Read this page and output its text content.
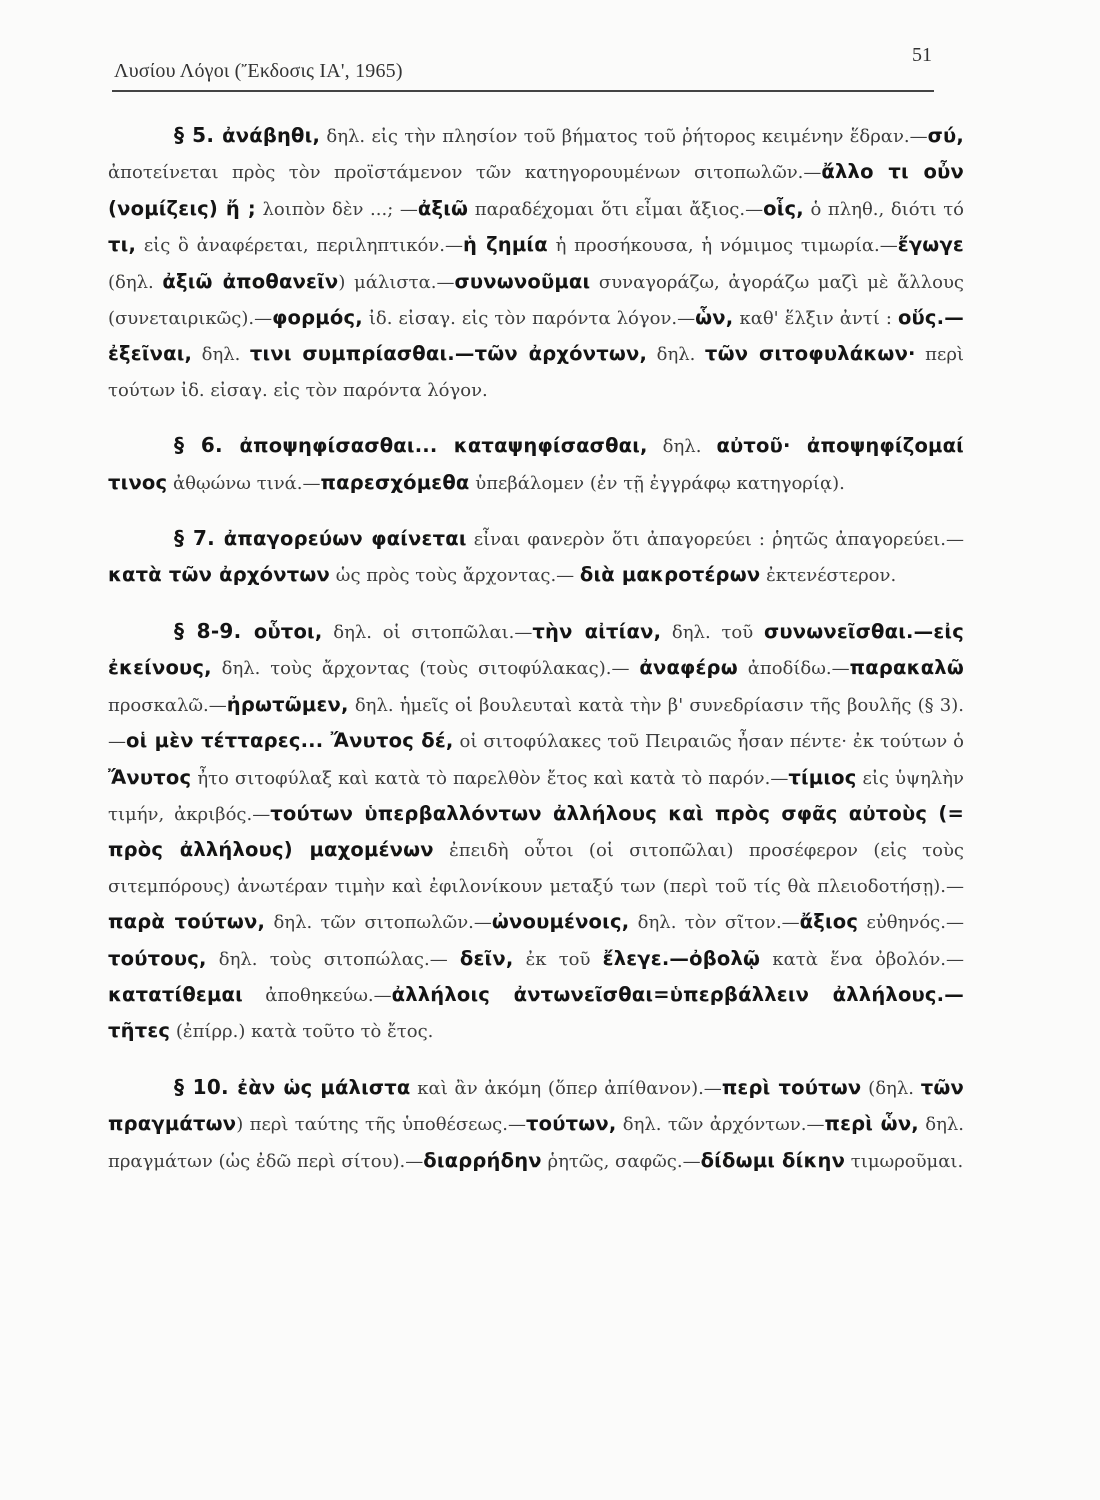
Λυσίου Λόγοι (Ἔκδοσις ΙΑ', 1965)
51

§ 5. ἀνάβηθι, δηλ. εἰς τὴν πλησίον τοῦ βήματος τοῦ ῥήτορος κειμένην ἕδραν.—σύ, ἀποτείνεται πρὸς τὸν προϊστάμενον τῶν κατηγορουμένων σιτοπωλῶν.—ἄλλο τι οὖν (νομίζεις) ἤ ; λοιπὸν δὲν ...; —ἀξιῶ παραδέχομαι ὅτι εἶμαι ἄξιος.—οἷς, ὁ πληθ., διότι τό τι, εἰς ὃ ἀναφέρεται, περιληπτικόν.—ἡ ζημία ἡ προσήκουσα, ἡ νόμιμος τιμωρία.—ἔγωγε (δηλ. ἀξιῶ ἀποθανεῖν) μάλιστα.—συνωνοῦμαι συναγοράζω, ἀγοράζω μαζὶ μὲ ἄλλους (συνεταιρικῶς).—φορμός, ἰδ. εἰσαγ. εἰς τὸν παρόντα λόγον.—ὧν, καθ' ἕλξιν ἀντί : οὕς.—ἐξεῖναι, δηλ. τινι συμπρίασθαι.—τῶν ἀρχόντων, δηλ. τῶν σιτοφυλάκων· περὶ τούτων ἰδ. εἰσαγ. εἰς τὸν παρόντα λόγον.

§ 6. ἀποψηφίσασθαι... καταψηφίσασθαι, δηλ. αὐτοῦ· ἀποψηφίζομαί τινος ἀθῳώνω τινά.—παρεσχόμεθα ὑπεβάλομεν (ἐν τῇ ἐγγράφῳ κατηγορίᾳ).

§ 7. ἀπαγορεύων φαίνεται εἶναι φανερὸν ὅτι ἀπαγορεύει : ῥητῶς ἀπαγορεύει.—κατὰ τῶν ἀρχόντων ὡς πρὸς τοὺς ἄρχοντας.— διὰ μακροτέρων ἐκτενέστερον.

§ 8-9. οὗτοι, δηλ. οἱ σιτοπῶλαι.—τὴν αἰτίαν, δηλ. τοῦ συνωνεῖσθαι.—εἰς ἐκείνους, δηλ. τοὺς ἄρχοντας (τοὺς σιτοφύλακας).— ἀναφέρω ἀποδίδω.—παρακαλῶ προσκαλῶ.—ἠρωτῶμεν, δηλ. ἡμεῖς οἱ βουλευταὶ κατὰ τὴν β' συνεδρίασιν τῆς βουλῆς (§ 3).—οἱ μὲν τέτταρες... Ἄνυτος δέ, οἱ σιτοφύλακες τοῦ Πειραιῶς ἦσαν πέντε· ἐκ τούτων ὁ Ἄνυτος ἦτο σιτοφύλαξ καὶ κατὰ τὸ παρελθὸν ἔτος καὶ κατὰ τὸ παρόν.—τίμιος εἰς ὑψηλὴν τιμήν, ἀκριβός.—τούτων ὑπερβαλλόντων ἀλλήλους καὶ πρὸς σφᾶς αὐτοὺς (= πρὸς ἀλλήλους) μαχομένων ἐπειδὴ οὗτοι (οἱ σιτοπῶλαι) προσέφερον (εἰς τοὺς σιτεμπόρους) ἀνωτέραν τιμὴν καὶ ἐφιλονίκουν μεταξύ των (περὶ τοῦ τίς θὰ πλειοδοτήσῃ).—παρὰ τούτων, δηλ. τῶν σιτοπωλῶν.—ὠνουμένοις, δηλ. τὸν σῖτον.—ἄξιος εὐθηνός.—τούτους, δηλ. τοὺς σιτοπώλας.— δεῖν, ἐκ τοῦ ἔλεγε.—ὀβολῷ κατὰ ἕνα ὀβολόν.—κατατίθεμαι ἀποθηκεύω.—ἀλλήλοις ἀντωνεῖσθαι=ὑπερβάλλειν ἀλλήλους.—τῆτες (ἐπίρρ.) κατὰ τοῦτο τὸ ἔτος.

§ 10. ἐὰν ὡς μάλιστα καὶ ἂν ἀκόμη (ὅπερ ἀπίθανον).—περὶ τούτων (δηλ. τῶν πραγμάτων) περὶ ταύτης τῆς ὑποθέσεως.—τούτων, δηλ. τῶν ἀρχόντων.—περὶ ὧν, δηλ. πραγμάτων (ὡς ἐδῶ περὶ σίτου).—διαρρήδην ῥητῶς, σαφῶς.—δίδωμι δίκην τιμωροῦμαι.
